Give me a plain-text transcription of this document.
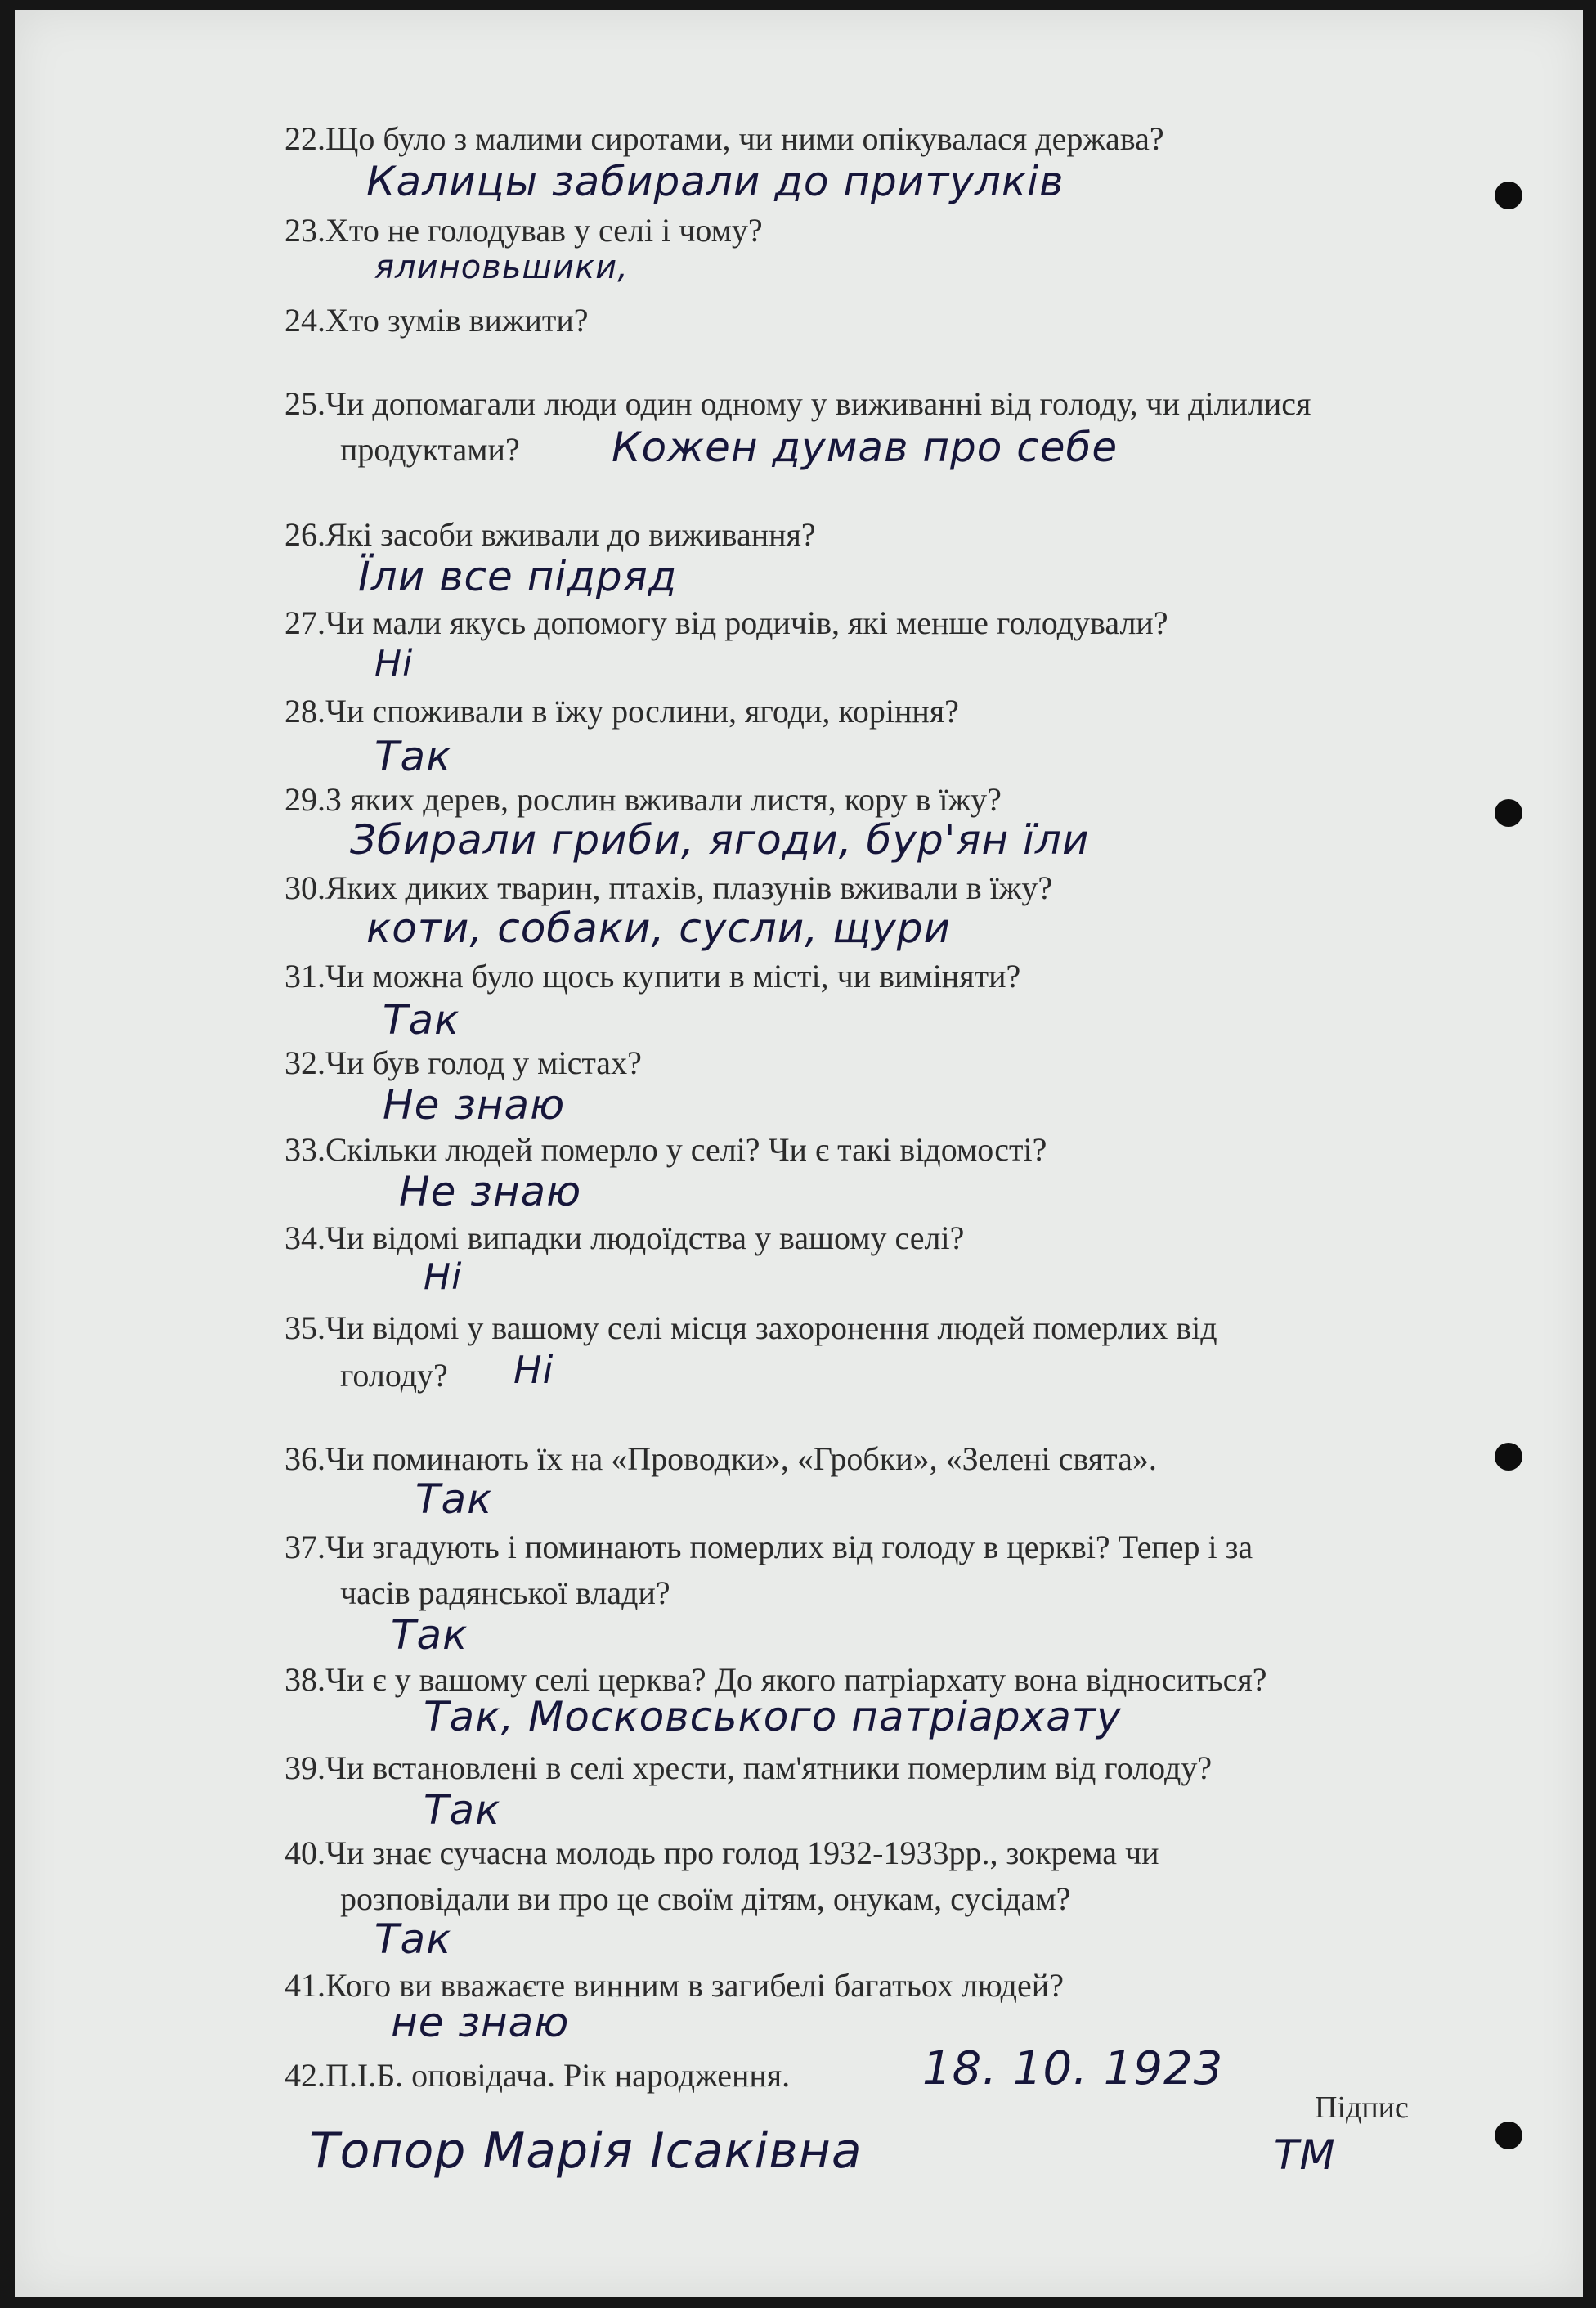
22.Що було з малими сиротами, чи ними опікувалася держава?
Калицы забирали до притулків
23.Хто не голодував у селі і чому?
ялиновьшики,
24.Хто зумів вижити?
25.Чи допомагали люди один одному у виживанні від голоду, чи ділилися
продуктами? Кожен думав про себе
26.Які засоби вживали до виживання?
Їли все підряд
27.Чи мали якусь допомогу від родичів, які менше голодували?
Ні
28.Чи споживали в їжу рослини, ягоди, коріння?
Так
29.З яких дерев, рослин вживали листя, кору в їжу?
Збирали гриби, ягоди, бур'ян їли
30.Яких диких тварин, птахів, плазунів вживали в їжу?
коти, собаки, сусли, щури
31.Чи можна було щось купити в місті, чи виміняти?
Так
32.Чи був голод у містах?
Не знаю
33.Скільки людей померло у селі? Чи є такі відомості?
Не знаю
34.Чи відомі випадки людоїдства у вашому селі?
Ні
35.Чи відомі у вашому селі місця захоронення людей померлих від
голоду? Ні
36.Чи поминають їх на «Проводки», «Гробки», «Зелені свята».
Так
37.Чи згадують і поминають померлих від голоду в церкві? Тепер і за
часів радянської влади?
Так
38.Чи є у вашому селі церква? До якого патріархату вона відноситься?
Так, Московського патріархату
39.Чи встановлені в селі хрести, пам'ятники померлим від голоду?
Так
40.Чи знає сучасна молодь про голод 1932-1933рр., зокрема чи
розповідали ви про це своїм дітям, онукам, сусідам?
Так
41.Кого ви вважаєте винним в загибелі багатьох людей?
не знаю
42.П.І.Б. оповідача. Рік народження.	18. 10. 1923
Топор Марія Ісаківна
Підпис
ТМ
